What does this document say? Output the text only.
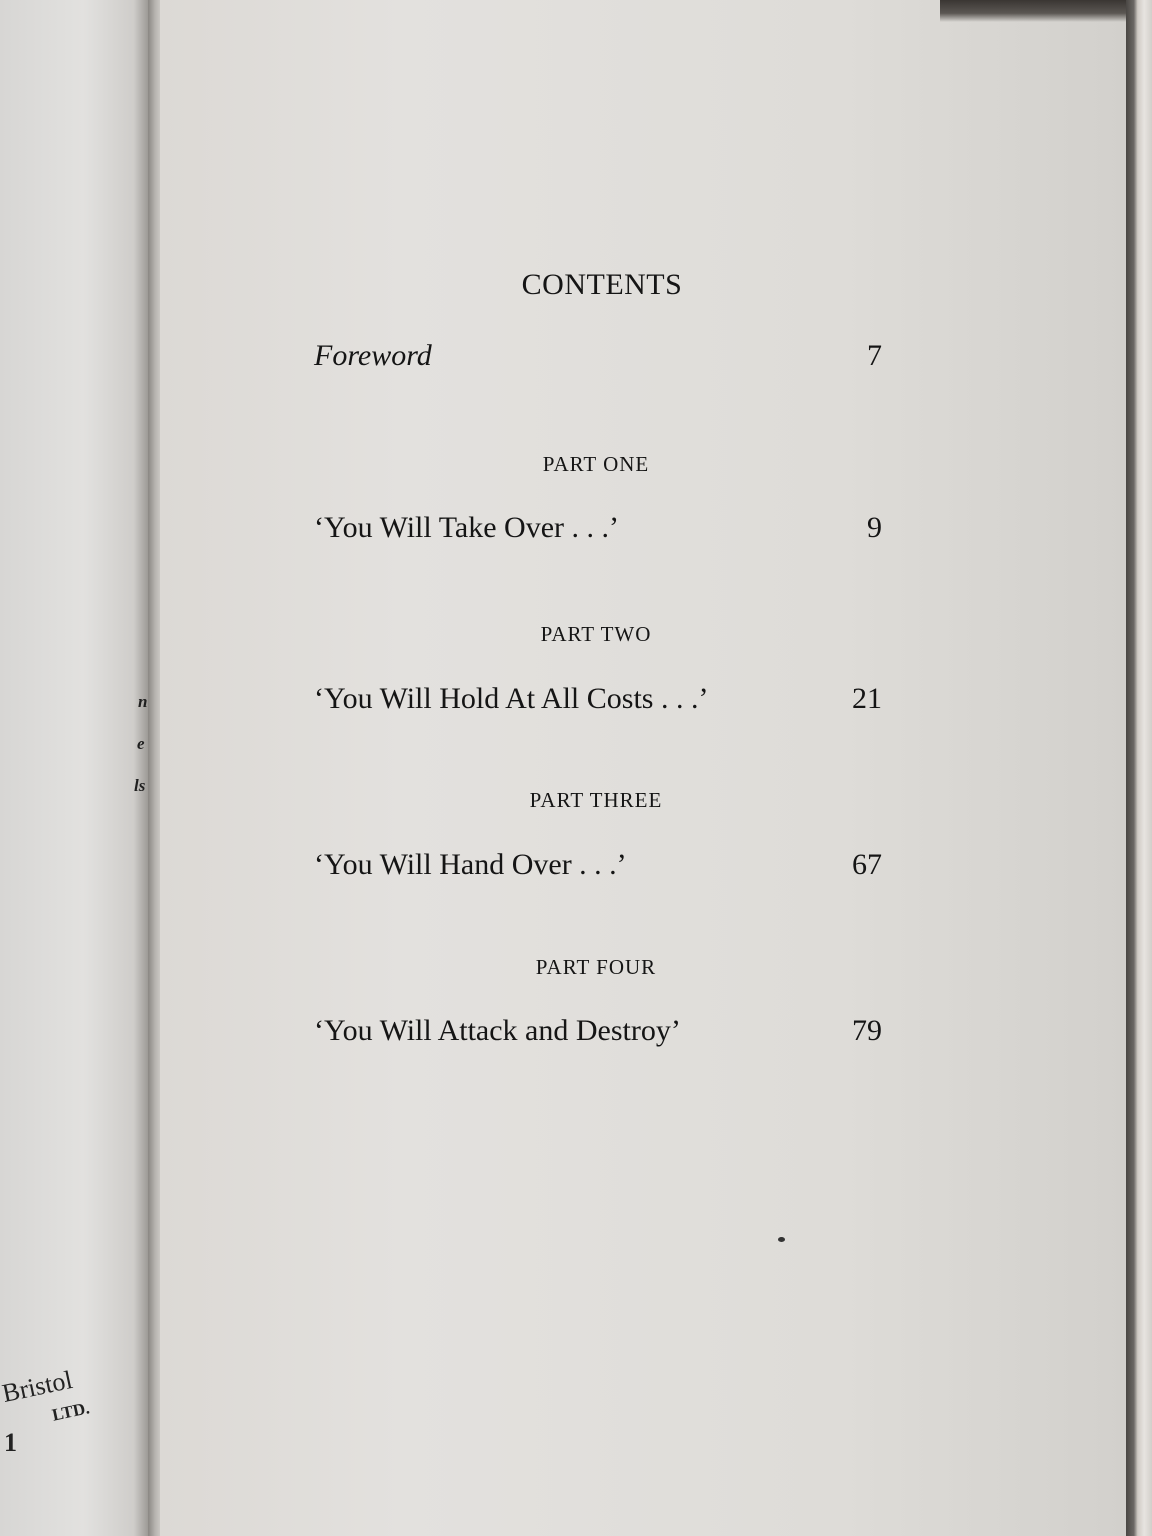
n
e
ls
Bristol
LTD.
1
CONTENTS
Foreword	7
PART ONE
‘You Will Take Over . . .’	9
PART TWO
‘You Will Hold At All Costs . . .’	21
PART THREE
‘You Will Hand Over . . .’	67
PART FOUR
‘You Will Attack and Destroy’	79
